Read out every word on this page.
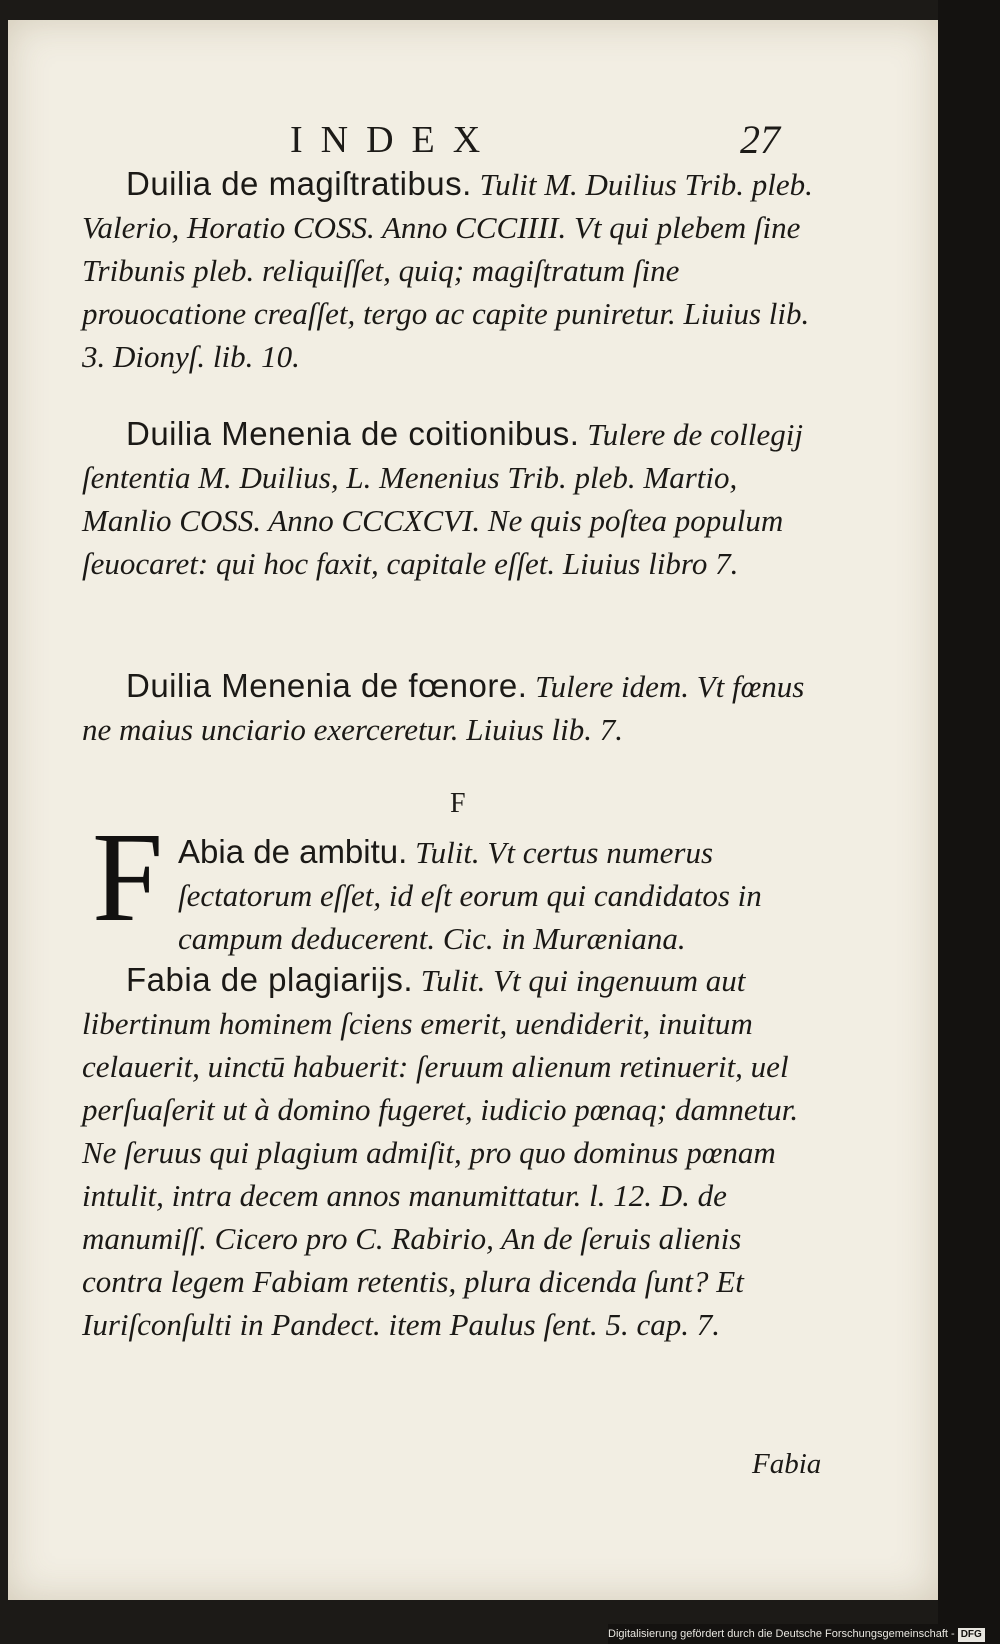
INDEX	27
Duilia de magiſtratibus. Tulit M. Duilius Trib. pleb. Valerio, Horatio COSS. Anno CCCIIII. Vt qui plebem ſine Tribunis pleb. reliquiſſet, quiq; magiſtratum ſine prouocatione creaſſet, tergo ac capite puniretur. Liuius lib. 3. Dionyſ. lib. 10.
Duilia Menenia de coitionibus. Tulere de collegij ſententia M. Duilius, L. Menenius Trib. pleb. Martio, Manlio COSS. Anno CCCXCVI. Ne quis poſtea populum ſeuocaret: qui hoc faxit, capitale eſſet. Liuius libro 7.
Duilia Menenia de fœnore. Tulere idem. Vt fœnus ne maius unciario exerceretur. Liuius lib. 7.
F
F Abia de ambitu. Tulit. Vt certus numerus ſectatorum eſſet, id eſt eorum qui candidatos in campum deducerent. Cic. in Muræniana.
Fabia de plagiarijs. Tulit. Vt qui ingenuum aut libertinum hominem ſciens emerit, uendiderit, inuitum celauerit, uinctū habuerit: ſeruum alienum retinuerit, uel perſuaſerit ut à domino fugeret, iudicio pœnaq; damnetur. Ne ſeruus qui plagium admiſit, pro quo dominus pœnam intulit, intra decem annos manumittatur. l. 12. D. de manumiſſ. Cicero pro C. Rabirio, An de ſeruis alienis contra legem Fabiam retentis, plura dicenda ſunt? Et Iuriſconſulti in Pandect. item Paulus ſent. 5. cap. 7.
Fabia
Digitalisierung gefördert durch die Deutsche Forschungsgemeinschaft - DFG
